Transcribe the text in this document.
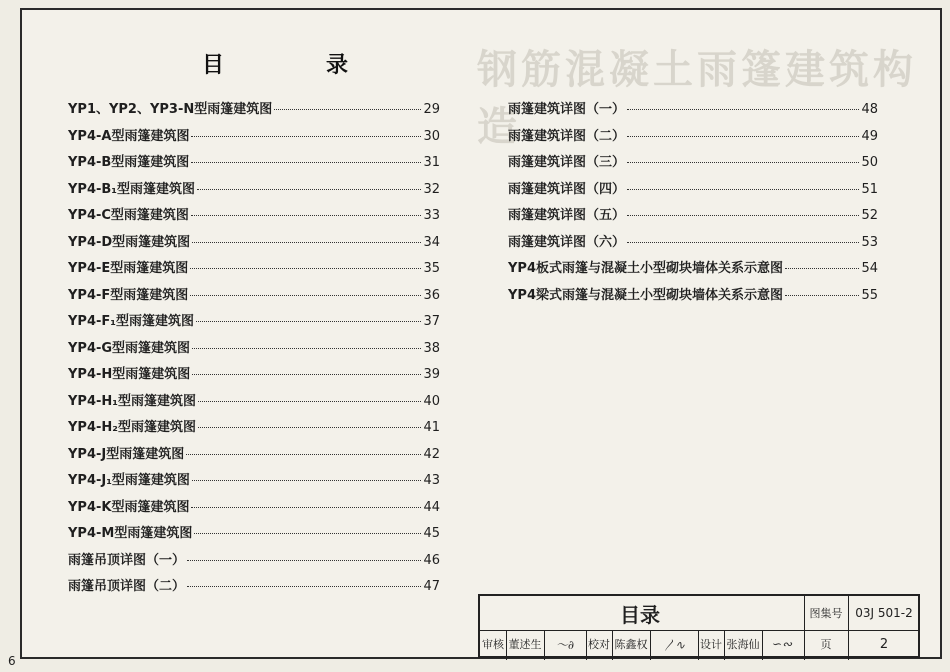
钢筋混凝土雨篷建筑构造
目	录
YP1、YP2、YP3-N型雨篷建筑图	29
YP4-A型雨篷建筑图	30
YP4-B型雨篷建筑图	31
YP4-B₁型雨篷建筑图	32
YP4-C型雨篷建筑图	33
YP4-D型雨篷建筑图	34
YP4-E型雨篷建筑图	35
YP4-F型雨篷建筑图	36
YP4-F₁型雨篷建筑图	37
YP4-G型雨篷建筑图	38
YP4-H型雨篷建筑图	39
YP4-H₁型雨篷建筑图	40
YP4-H₂型雨篷建筑图	41
YP4-J型雨篷建筑图	42
YP4-J₁型雨篷建筑图	43
YP4-K型雨篷建筑图	44
YP4-M型雨篷建筑图	45
雨篷吊顶详图（一）	46
雨篷吊顶详图（二）	47
雨篷建筑详图（一）	48
雨篷建筑详图（二）	49
雨篷建筑详图（三）	50
雨篷建筑详图（四）	51
雨篷建筑详图（五）	52
雨篷建筑详图（六）	53
YP4板式雨篷与混凝土小型砌块墙体关系示意图	54
YP4梁式雨篷与混凝土小型砌块墙体关系示意图	55
目录	图集号	03J 501-2
页	2
审核 董述生	〜∂	校对 陈鑫权	〳∿	设计 张海仙	∽∾
6
